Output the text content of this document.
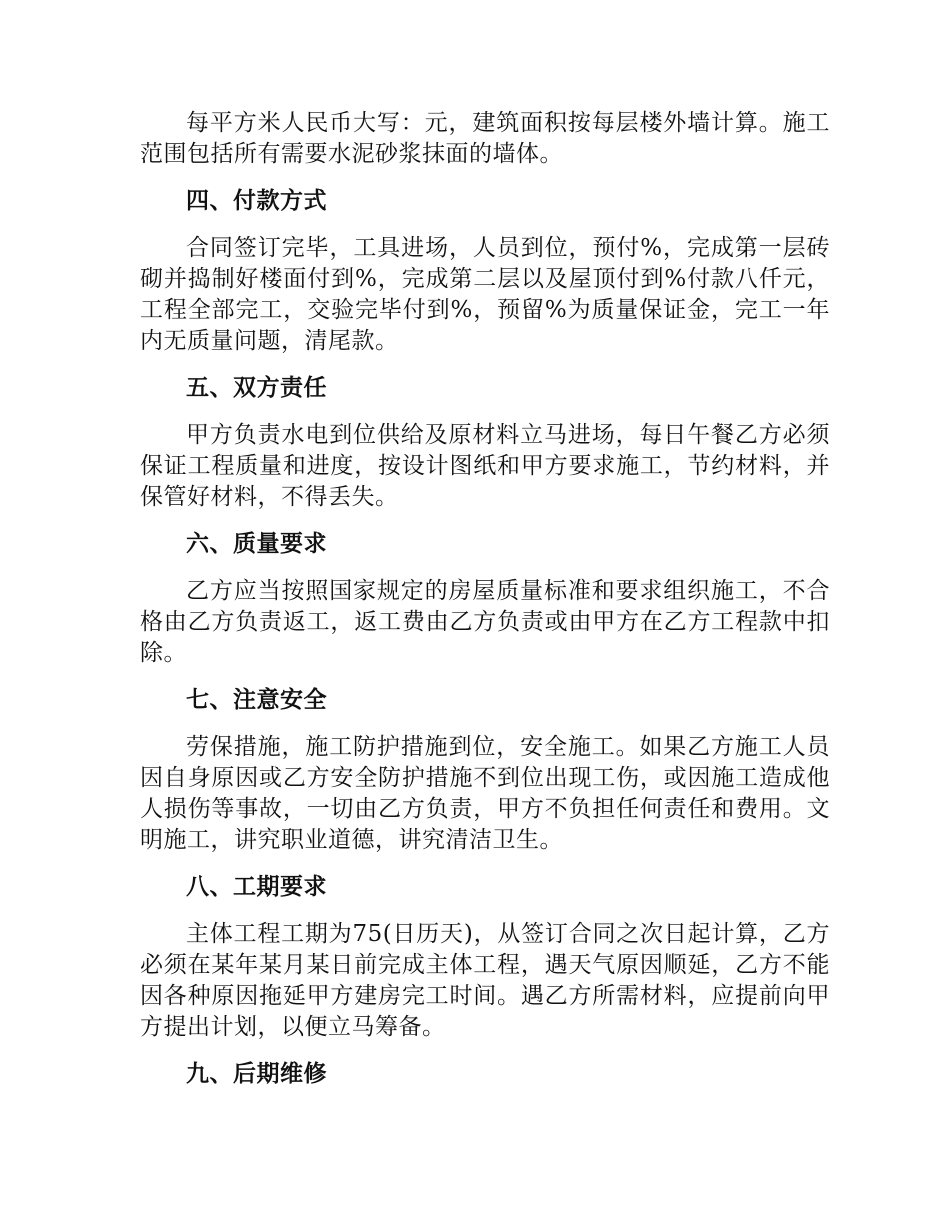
每平方米人民币大写：元，建筑面积按每层楼外墙计算。施工范围包括所有需要水泥砂浆抹面的墙体。

四、付款方式

合同签订完毕，工具进场，人员到位，预付%，完成第一层砖砌并捣制好楼面付到%，完成第二层以及屋顶付到%付款八仟元，工程全部完工，交验完毕付到%，预留%为质量保证金，完工一年内无质量问题，清尾款。

五、双方责任

甲方负责水电到位供给及原材料立马进场，每日午餐乙方必须保证工程质量和进度，按设计图纸和甲方要求施工，节约材料，并保管好材料，不得丢失。

六、质量要求

乙方应当按照国家规定的房屋质量标准和要求组织施工，不合格由乙方负责返工，返工费由乙方负责或由甲方在乙方工程款中扣除。

七、注意安全

劳保措施，施工防护措施到位，安全施工。如果乙方施工人员因自身原因或乙方安全防护措施不到位出现工伤，或因施工造成他人损伤等事故，一切由乙方负责，甲方不负担任何责任和费用。文明施工，讲究职业道德，讲究清洁卫生。

八、工期要求

主体工程工期为75(日历天)，从签订合同之次日起计算，乙方必须在某年某月某日前完成主体工程，遇天气原因顺延，乙方不能因各种原因拖延甲方建房完工时间。遇乙方所需材料，应提前向甲方提出计划，以便立马筹备。

九、后期维修
